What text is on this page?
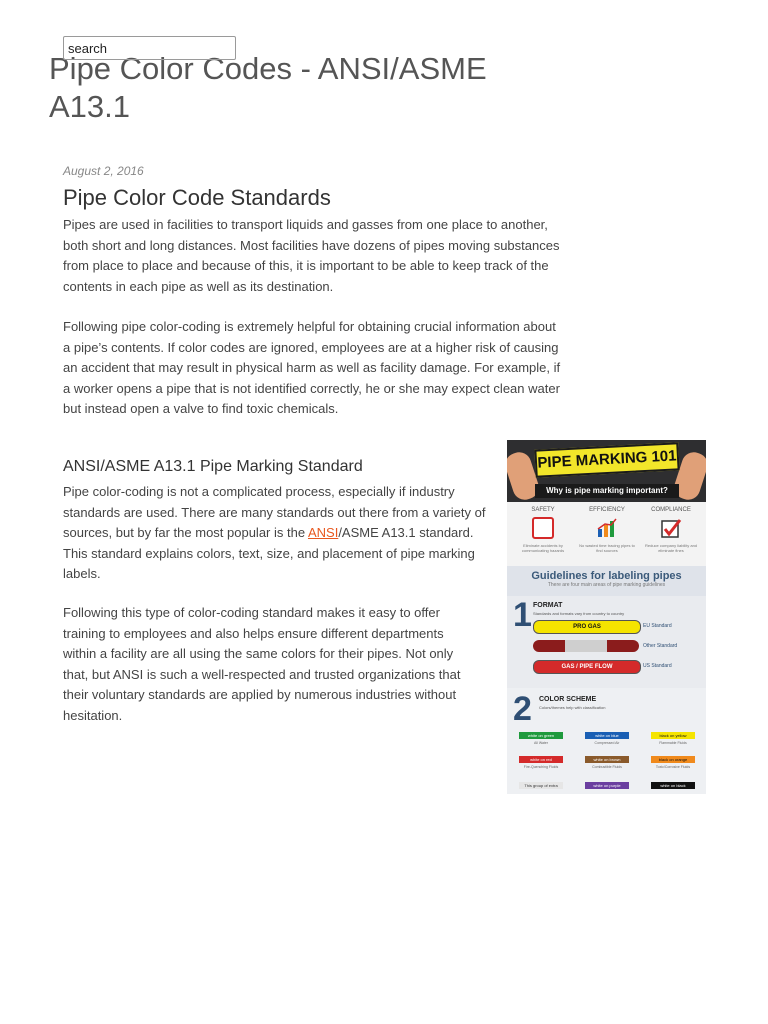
search
Pipe Color Codes - ANSI/ASME A13.1
August 2, 2016
Pipe Color Code Standards

Pipes are used in facilities to transport liquids and gasses from one place to another, both short and long distances. Most facilities have dozens of pipes moving substances from place to place and because of this, it is important to be able to keep track of the contents in each pipe as well as its destination.

Following pipe color-coding is extremely helpful for obtaining crucial information about a pipe’s contents. If color codes are ignored, employees are at a higher risk of causing an accident that may result in physical harm as well as facility damage. For example, if a worker opens a pipe that is not identified correctly, he or she may expect clean water but instead open a valve to find toxic chemicals.

ANSI/ASME A13.1 Pipe Marking Standard

Pipe color-coding is not a complicated process, especially if industry standards are used. There are many standards out there from a variety of sources, but by far the most popular is the ANSI/ASME A13.1 standard. This standard explains colors, text, size, and placement of pipe marking labels.

Following this type of color-coding standard makes it easy to offer training to employees and also helps ensure different departments within a facility are all using the same colors for their pipes. Not only that, but ANSI is such a well-respected and trusted organizations that their voluntary standards are applied by numerous industries without hesitation.

PIPE MARKING 101
Why is pipe marking important?
SAFETY
Eliminate accidents by communicating hazards
EFFICIENCY
No wasted time tracing pipes to find sources
COMPLIANCE
Reduce company liability and eliminate fines
Guidelines for labeling pipes
There are four main areas of pipe marking guidelines
1 FORMAT
Standards and formats vary from country to country
PRO GAS	EU Standard
Other Standard
GAS / PIPE FLOW	US Standard
2 COLOR SCHEME
Colors/themes help with classification
white on green
All Water
white on blue
Compressed Air
black on yellow
Flammable Fluids
white on red
Fire-Quenching Fluids
white on brown
Combustible Fluids
black on orange
Toxic/Corrosive Fluids
This group of extra	white on purple	white on black
